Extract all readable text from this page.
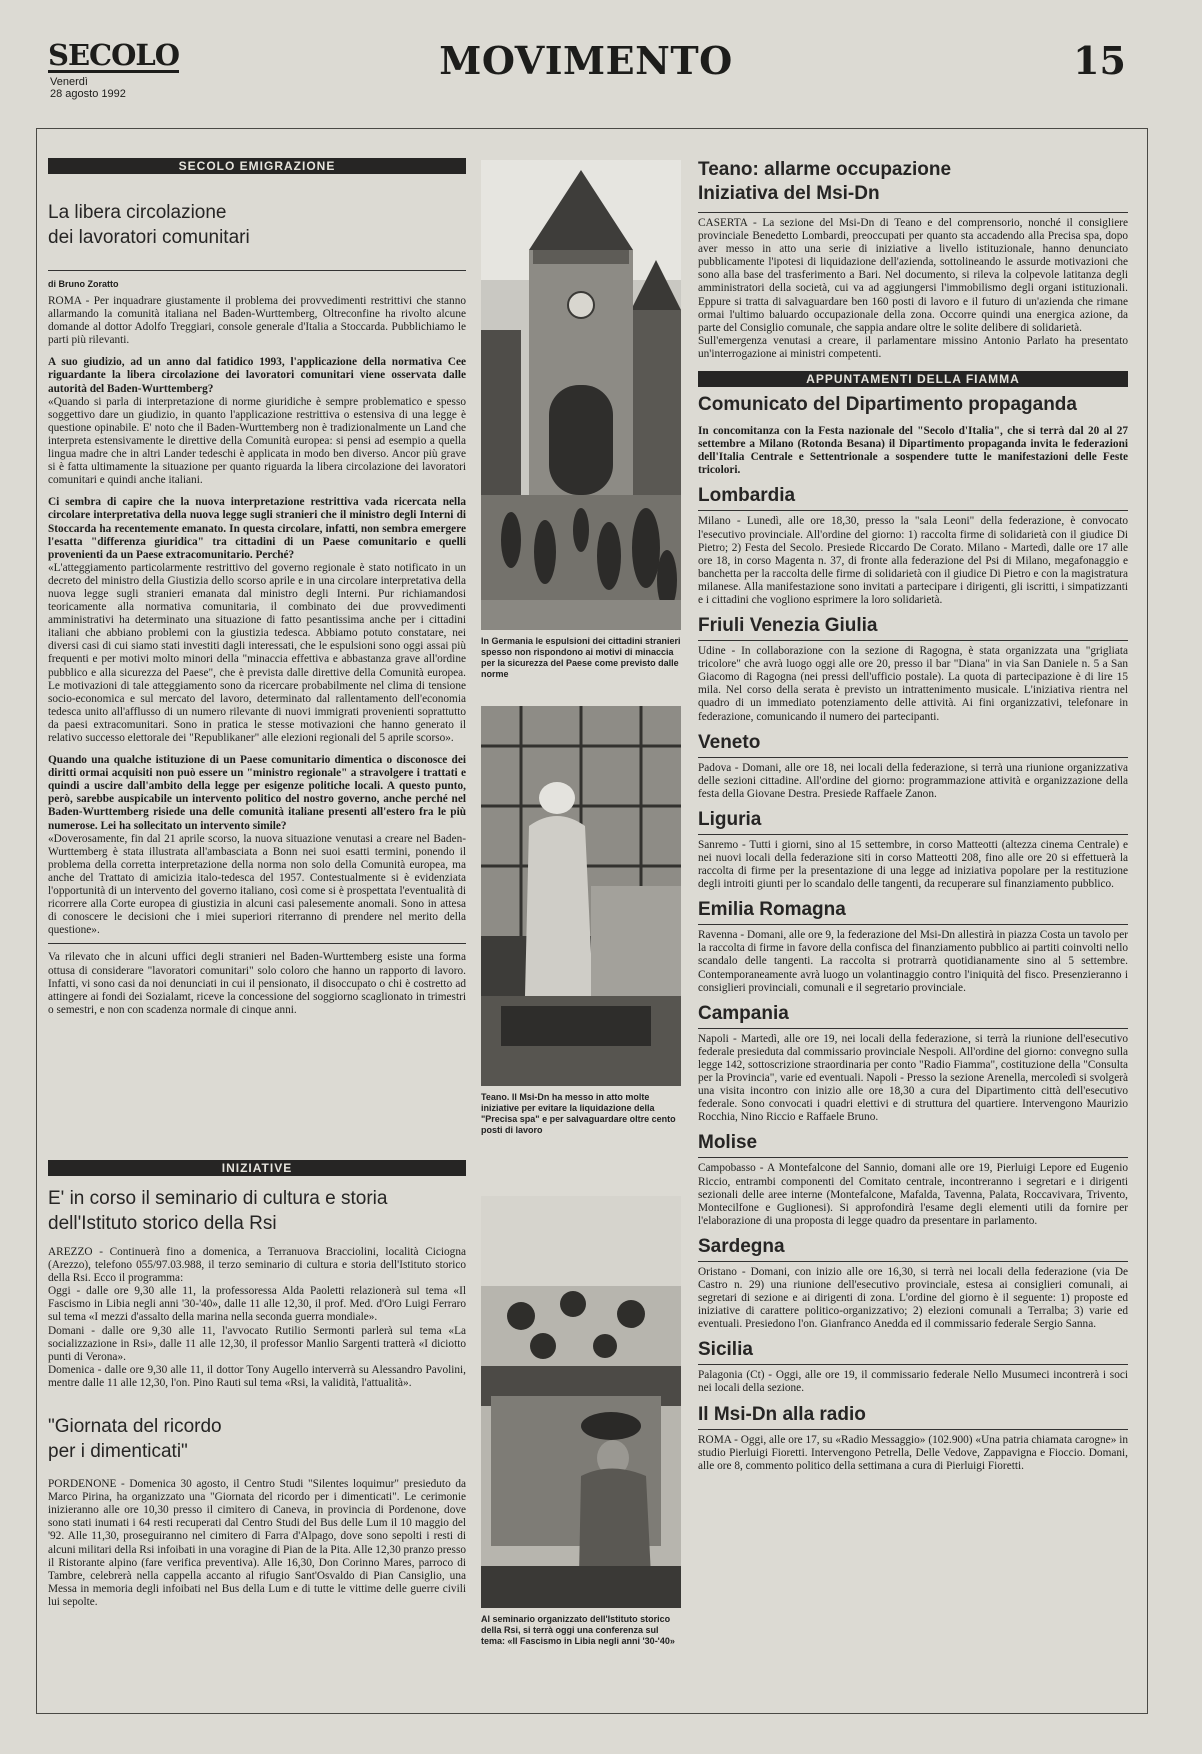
SECOLO
Venerdì
28 agosto 1992
MOVIMENTO	15
SECOLO EMIGRAZIONE
La libera circolazione
dei lavoratori comunitari

di Bruno Zoratto

ROMA - Per inquadrare giustamente il problema dei provvedimenti restrittivi che stanno allarmando la comunità italiana nel Baden-Wurttemberg, Oltreconfine ha rivolto alcune domande al dottor Adolfo Treggiari, console generale d'Italia a Stoccarda. Pubblichiamo le parti più rilevanti.

A suo giudizio, ad un anno dal fatidico 1993, l'applicazione della normativa Cee riguardante la libera circolazione dei lavoratori comunitari viene osservata dalle autorità del Baden-Wurttemberg?

«Quando si parla di interpretazione di norme giuridiche è sempre problematico e spesso soggettivo dare un giudizio, in quanto l'applicazione restrittiva o estensiva di una legge è questione opinabile. E' noto che il Baden-Wurttemberg non è tradizionalmente un Land che interpreta estensivamente le direttive della Comunità europea: si pensi ad esempio a quella lingua madre che in altri Lander tedeschi è applicata in modo ben diverso. Ancor più grave si è fatta ultimamente la situazione per quanto riguarda la libera circolazione dei lavoratori comunitari e quindi anche italiani.

Ci sembra di capire che la nuova interpretazione restrittiva vada ricercata nella circolare interpretativa della nuova legge sugli stranieri che il ministro degli Interni di Stoccarda ha recentemente emanato. In questa circolare, infatti, non sembra emergere l'esatta "differenza giuridica" tra cittadini di un Paese comunitario e quelli provenienti da un Paese extracomunitario. Perché?

«L'atteggiamento particolarmente restrittivo del governo regionale è stato notificato in un decreto del ministro della Giustizia dello scorso aprile e in una circolare interpretativa della nuova legge sugli stranieri emanata dal ministro degli Interni. Pur richiamandosi teoricamente alla normativa comunitaria, il combinato dei due provvedimenti amministrativi ha determinato una situazione di fatto pesantissima anche per i cittadini italiani che abbiano problemi con la giustizia tedesca. Abbiamo potuto constatare, nei diversi casi di cui siamo stati investiti dagli interessati, che le espulsioni sono oggi assai più frequenti e per motivi molto minori della "minaccia effettiva e abbastanza grave all'ordine pubblico e alla sicurezza del Paese", che è prevista dalle direttive della Comunità europea. Le motivazioni di tale atteggiamento sono da ricercare probabilmente nel clima di tensione socio-economica e sul mercato del lavoro, determinato dal rallentamento dell'economia tedesca unito all'afflusso di un numero rilevante di nuovi immigrati provenienti soprattutto da paesi extracomunitari. Sono in pratica le stesse motivazioni che hanno generato il relativo successo elettorale dei "Republikaner" alle elezioni regionali del 5 aprile scorso».

Quando una qualche istituzione di un Paese comunitario dimentica o disconosce dei diritti ormai acquisiti non può essere un "ministro regionale" a stravolgere i trattati e quindi a uscire dall'ambito della legge per esigenze politiche locali. A questo punto, però, sarebbe auspicabile un intervento politico del nostro governo, anche perché nel Baden-Wurttemberg risiede una delle comunità italiane presenti all'estero fra le più numerose. Lei ha sollecitato un intervento simile?

«Doverosamente, fin dal 21 aprile scorso, la nuova situazione venutasi a creare nel Baden-Wurttemberg è stata illustrata all'ambasciata a Bonn nei suoi esatti termini, ponendo il problema della corretta interpretazione della norma non solo della Comunità europea, ma anche del Trattato di amicizia italo-tedesca del 1957. Contestualmente si è evidenziata l'opportunità di un intervento del governo italiano, così come si è prospettata l'eventualità di ricorrere alla Corte europea di giustizia in alcuni casi palesemente anomali. Sono in attesa di conoscere le decisioni che i miei superiori riterranno di prendere nel merito della questione».

Va rilevato che in alcuni uffici degli stranieri nel Baden-Wurttemberg esiste una forma ottusa di considerare "lavoratori comunitari" solo coloro che hanno un rapporto di lavoro. Infatti, vi sono casi da noi denunciati in cui il pensionato, il disoccupato o chi è costretto ad attingere ai fondi dei Sozialamt, riceve la concessione del soggiorno scaglionato in trimestri o semestri, e non con scadenza normale di cinque anni.

INIZIATIVE
E' in corso il seminario di cultura e storia
dell'Istituto storico della Rsi

AREZZO - Continuerà fino a domenica, a Terranuova Bracciolini, località Ciciogna (Arezzo), telefono 055/97.03.988, il terzo seminario di cultura e storia dell'Istituto storico della Rsi. Ecco il programma:

Oggi - dalle ore 9,30 alle 11, la professoressa Alda Paoletti relazionerà sul tema «Il Fascismo in Libia negli anni '30-'40», dalle 11 alle 12,30, il prof. Med. d'Oro Luigi Ferraro sul tema «I mezzi d'assalto della marina nella seconda guerra mondiale».

Domani - dalle ore 9,30 alle 11, l'avvocato Rutilio Sermonti parlerà sul tema «La socializzazione in Rsi», dalle 11 alle 12,30, il professor Manlio Sargenti tratterà «I diciotto punti di Verona».

Domenica - dalle ore 9,30 alle 11, il dottor Tony Augello interverrà su Alessandro Pavolini, mentre dalle 11 alle 12,30, l'on. Pino Rauti sul tema «Rsi, la validità, l'attualità».

"Giornata del ricordo
per i dimenticati"

PORDENONE - Domenica 30 agosto, il Centro Studi "Silentes loquimur" presieduto da Marco Pirina, ha organizzato una "Giornata del ricordo per i dimenticati". Le cerimonie inizieranno alle ore 10,30 presso il cimitero di Caneva, in provincia di Pordenone, dove sono stati inumati i 64 resti recuperati dal Centro Studi del Bus delle Lum il 10 maggio del '92. Alle 11,30, proseguiranno nel cimitero di Farra d'Alpago, dove sono sepolti i resti di alcuni militari della Rsi infoibati in una voragine di Pian de la Pita. Alle 12,30 pranzo presso il Ristorante alpino (fare verifica preventiva). Alle 16,30, Don Corinno Mares, parroco di Tambre, celebrerà nella cappella accanto al rifugio Sant'Osvaldo di Pian Cansiglio, una Messa in memoria degli infoibati nel Bus della Lum e di tutte le vittime delle guerre civili lui sepolte.

In Germania le espulsioni dei cittadini stranieri spesso non rispondono ai motivi di minaccia per la sicurezza del Paese come previsto dalle norme
Teano. Il Msi-Dn ha messo in atto molte iniziative per evitare la liquidazione della "Precisa spa" e per salvaguardare oltre cento posti di lavoro
Al seminario organizzato dell'Istituto storico della Rsi, si terrà oggi una conferenza sul tema: «Il Fascismo in Libia negli anni '30-'40»
Teano: allarme occupazione
Iniziativa del Msi-Dn

CASERTA - La sezione del Msi-Dn di Teano e del comprensorio, nonché il consigliere provinciale Benedetto Lombardi, preoccupati per quanto sta accadendo alla Precisa spa, dopo aver messo in atto una serie di iniziative a livello istituzionale, hanno denunciato pubblicamente l'ipotesi di liquidazione dell'azienda, sottolineando le assurde motivazioni che sono alla base del trasferimento a Bari. Nel documento, si rileva la colpevole latitanza degli amministratori della società, cui va ad aggiungersi l'immobilismo degli organi istituzionali. Eppure si tratta di salvaguardare ben 160 posti di lavoro e il futuro di un'azienda che rimane ormai l'ultimo baluardo occupazionale della zona. Occorre quindi una energica azione, da parte del Consiglio comunale, che sappia andare oltre le solite delibere di solidarietà.

Sull'emergenza venutasi a creare, il parlamentare missino Antonio Parlato ha presentato un'interrogazione ai ministri competenti.

APPUNTAMENTI DELLA FIAMMA
Comunicato del Dipartimento propaganda

In concomitanza con la Festa nazionale del "Secolo d'Italia", che si terrà dal 20 al 27 settembre a Milano (Rotonda Besana) il Dipartimento propaganda invita le federazioni dell'Italia Centrale e Settentrionale a sospendere tutte le manifestazioni delle Feste tricolori.

Lombardia

Milano - Lunedì, alle ore 18,30, presso la "sala Leoni" della federazione, è convocato l'esecutivo provinciale. All'ordine del giorno: 1) raccolta firme di solidarietà con il giudice Di Pietro; 2) Festa del Secolo. Presiede Riccardo De Corato. Milano - Martedì, dalle ore 17 alle ore 18, in corso Magenta n. 37, di fronte alla federazione del Psi di Milano, megafonaggio e banchetta per la raccolta delle firme di solidarietà con il giudice Di Pietro e con la magistratura milanese. Alla manifestazione sono invitati a partecipare i dirigenti, gli iscritti, i simpatizzanti e i cittadini che vogliono esprimere la loro solidarietà.

Friuli Venezia Giulia

Udine - In collaborazione con la sezione di Ragogna, è stata organizzata una "grigliata tricolore" che avrà luogo oggi alle ore 20, presso il bar "Diana" in via San Daniele n. 5 a San Giacomo di Ragogna (nei pressi dell'ufficio postale). La quota di partecipazione è di lire 15 mila. Nel corso della serata è previsto un intrattenimento musicale. L'iniziativa rientra nel quadro di un immediato potenziamento delle attività. Ai fini organizzativi, telefonare in federazione, comunicando il numero dei partecipanti.

Veneto

Padova - Domani, alle ore 18, nei locali della federazione, si terrà una riunione organizzativa delle sezioni cittadine. All'ordine del giorno: programmazione attività e organizzazione della festa della Giovane Destra. Presiede Raffaele Zanon.

Liguria

Sanremo - Tutti i giorni, sino al 15 settembre, in corso Matteotti (altezza cinema Centrale) e nei nuovi locali della federazione siti in corso Matteotti 208, fino alle ore 20 si effettuerà la raccolta di firme per la presentazione di una legge ad iniziativa popolare per la restituzione degli introiti giunti per lo scandalo delle tangenti, da recuperare sul finanziamento pubblico.

Emilia Romagna

Ravenna - Domani, alle ore 9, la federazione del Msi-Dn allestirà in piazza Costa un tavolo per la raccolta di firme in favore della confisca del finanziamento pubblico ai partiti coinvolti nello scandalo delle tangenti. La raccolta si protrarrà quotidianamente sino al 5 settembre. Contemporaneamente avrà luogo un volantinaggio contro l'iniquità del fisco. Presenzieranno i consiglieri provinciali, comunali e il segretario provinciale.

Campania

Napoli - Martedì, alle ore 19, nei locali della federazione, si terrà la riunione dell'esecutivo federale presieduta dal commissario provinciale Nespoli. All'ordine del giorno: convegno sulla legge 142, sottoscrizione straordinaria per conto "Radio Fiamma", costituzione della "Consulta per la Provincia", varie ed eventuali. Napoli - Presso la sezione Arenella, mercoledì si svolgerà una visita incontro con inizio alle ore 18,30 a cura del Dipartimento città dell'esecutivo federale. Sono convocati i quadri elettivi e di struttura del quartiere. Intervengono Maurizio Rocchia, Nino Riccio e Raffaele Bruno.

Molise

Campobasso - A Montefalcone del Sannio, domani alle ore 19, Pierluigi Lepore ed Eugenio Riccio, entrambi componenti del Comitato centrale, incontreranno i segretari e i dirigenti sezionali delle aree interne (Montefalcone, Mafalda, Tavenna, Palata, Roccavivara, Trivento, Montecilfone e Guglionesi). Si approfondirà l'esame degli elementi utili da fornire per l'elaborazione di una proposta di legge quadro da presentare in parlamento.

Sardegna

Oristano - Domani, con inizio alle ore 16,30, si terrà nei locali della federazione (via De Castro n. 29) una riunione dell'esecutivo provinciale, estesa ai consiglieri comunali, ai segretari di sezione e ai dirigenti di zona. L'ordine del giorno è il seguente: 1) proposte ed iniziative di carattere politico-organizzativo; 2) elezioni comunali a Terralba; 3) varie ed eventuali. Presiedono l'on. Gianfranco Anedda ed il commissario federale Sergio Sanna.

Sicilia

Palagonia (Ct) - Oggi, alle ore 19, il commissario federale Nello Musumeci incontrerà i soci nei locali della sezione.

Il Msi-Dn alla radio

ROMA - Oggi, alle ore 17, su «Radio Messaggio» (102.900) «Una patria chiamata carogne» in studio Pierluigi Fioretti. Intervengono Petrella, Delle Vedove, Zappavigna e Fioccio. Domani, alle ore 8, commento politico della settimana a cura di Pierluigi Fioretti.
